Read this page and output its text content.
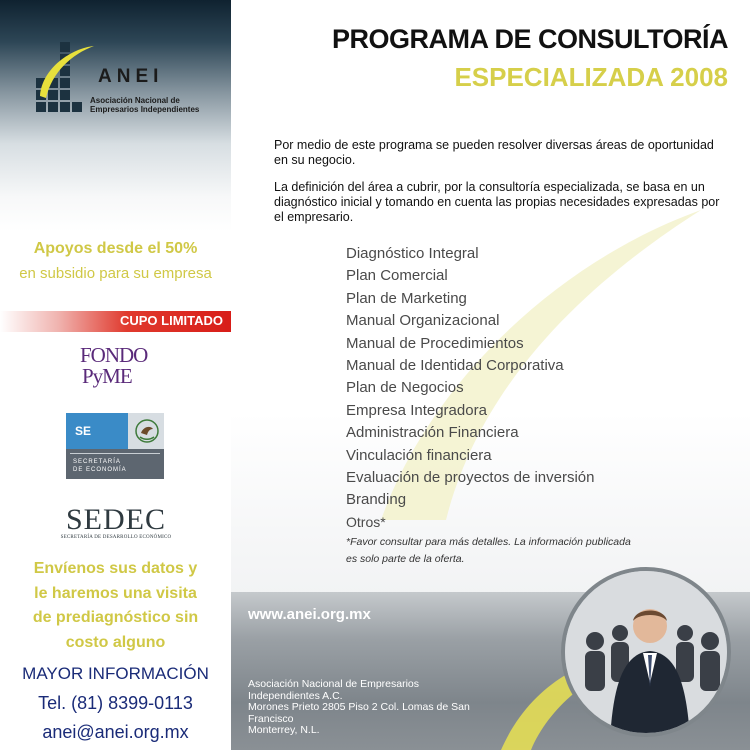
ANEI
Asociación Nacional de
Empresarios Independientes
Apoyos desde el 50%
en subsidio para su empresa
CUPO LIMITADO
FONDO
PyME
SE
SECRETARÍA
DE ECONOMÍA
SEDEC
SECRETARÍA DE DESARROLLO ECONÓMICO
Envíenos sus datos y
le haremos una visita
de prediagnóstico sin
costo alguno
MAYOR INFORMACIÓN
Tel. (81) 8399-0113
anei@anei.org.mx
PROGRAMA DE CONSULTORÍA
ESPECIALIZADA 2008

Por medio de este programa se pueden resolver diversas áreas de oportunidad en su negocio.

La definición del área a cubrir, por la consultoría especializada, se basa en un diagnóstico inicial y tomando en cuenta las propias necesidades expresadas por el empresario.

Diagnóstico Integral
Plan Comercial
Plan de Marketing
Manual Organizacional
Manual de Procedimientos
Manual de Identidad Corporativa
Plan de Negocios
Empresa Integradora
Administración Financiera
Vinculación financiera
Evaluación de proyectos de inversión
Branding
Otros*
*Favor consultar para más detalles. La información publicada
es solo parte de la oferta.
www.anei.org.mx
Asociación Nacional de Empresarios
Independientes A.C.
Morones Prieto 2805 Piso 2 Col. Lomas de San
Francisco
Monterrey, N.L.
